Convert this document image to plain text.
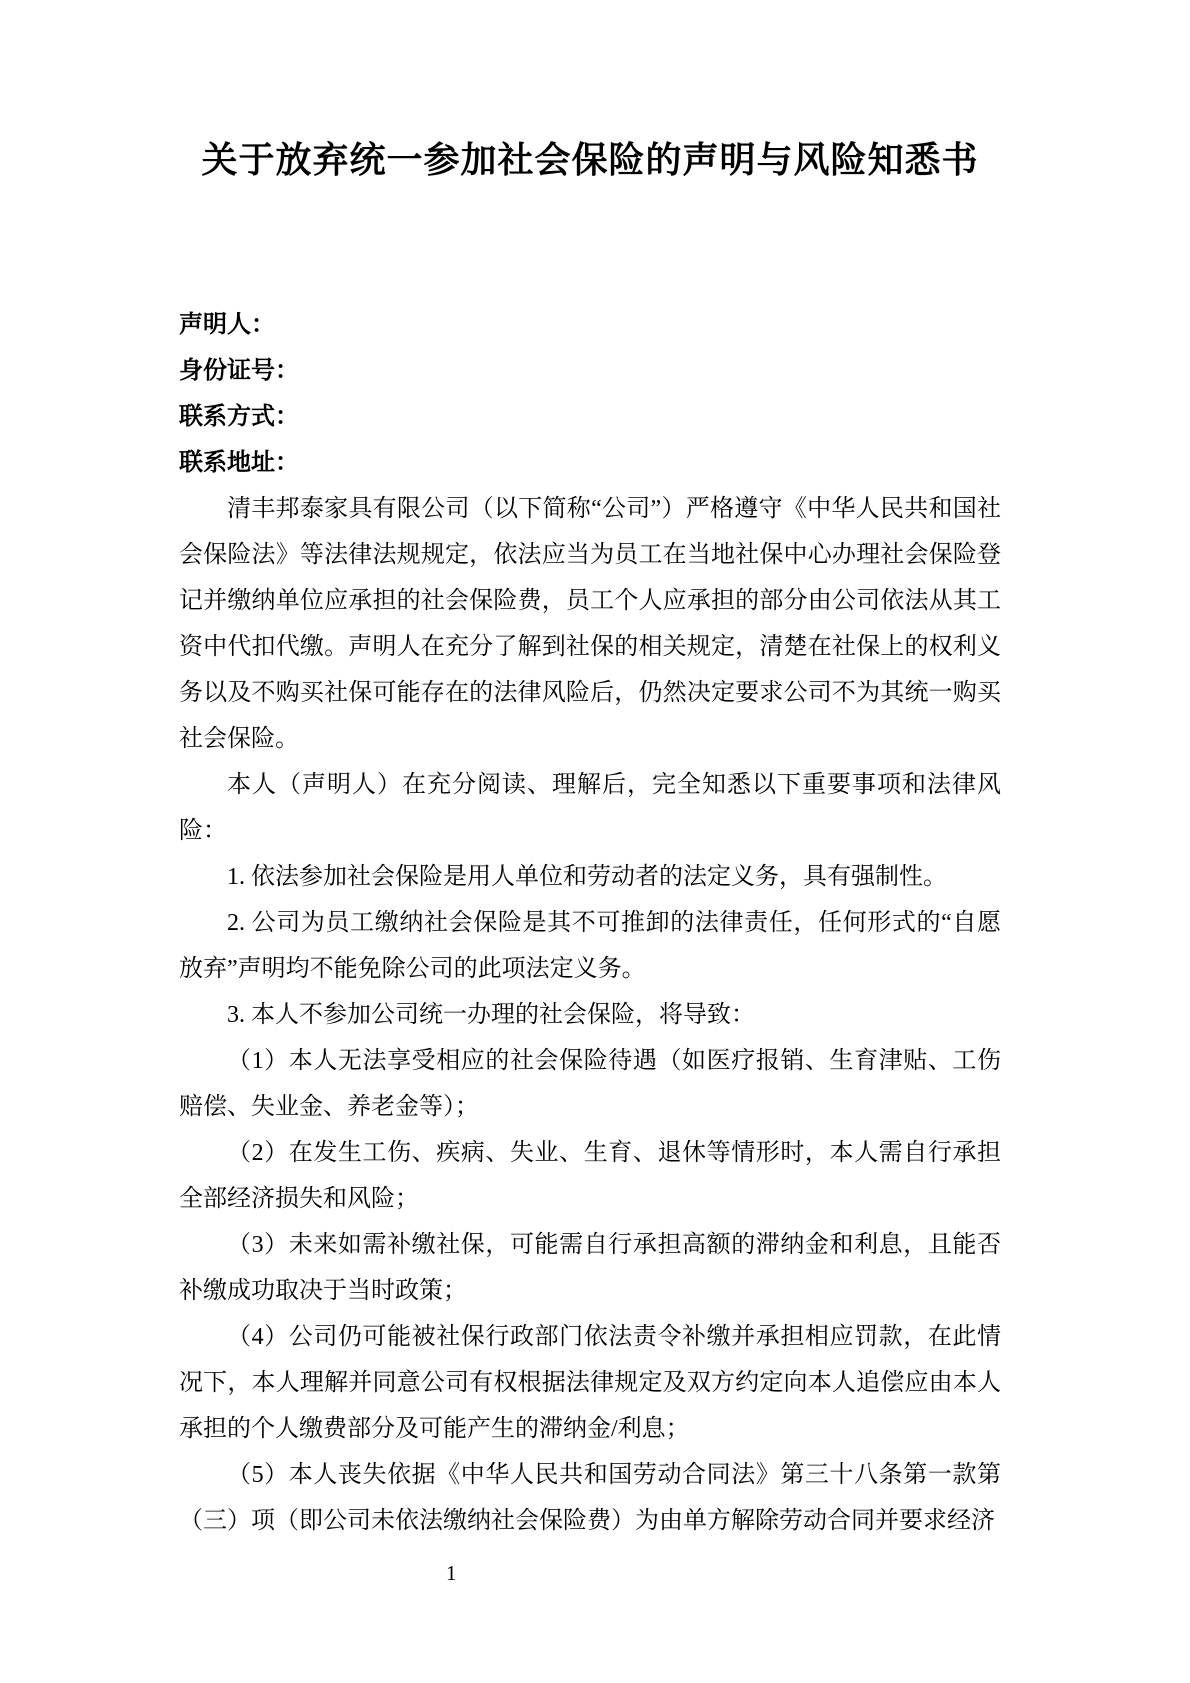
关于放弃统一参加社会保险的声明与风险知悉书
声明人：
身份证号：
联系方式：
联系地址：

清丰邦泰家具有限公司（以下简称“公司”）严格遵守《中华人民共和国社会保险法》等法律法规规定，依法应当为员工在当地社保中心办理社会保险登记并缴纳单位应承担的社会保险费，员工个人应承担的部分由公司依法从其工资中代扣代缴。声明人在充分了解到社保的相关规定，清楚在社保上的权利义务以及不购买社保可能存在的法律风险后，仍然决定要求公司不为其统一购买社会保险。

本人（声明人）在充分阅读、理解后，完全知悉以下重要事项和法律风险：

1. 依法参加社会保险是用人单位和劳动者的法定义务，具有强制性。

2. 公司为员工缴纳社会保险是其不可推卸的法律责任，任何形式的“自愿放弃”声明均不能免除公司的此项法定义务。

3. 本人不参加公司统一办理的社会保险，将导致：

（1）本人无法享受相应的社会保险待遇（如医疗报销、生育津贴、工伤赔偿、失业金、养老金等）；

（2）在发生工伤、疾病、失业、生育、退休等情形时，本人需自行承担全部经济损失和风险；

（3）未来如需补缴社保，可能需自行承担高额的滞纳金和利息，且能否补缴成功取决于当时政策；

（4）公司仍可能被社保行政部门依法责令补缴并承担相应罚款，在此情况下，本人理解并同意公司有权根据法律规定及双方约定向本人追偿应由本人承担的个人缴费部分及可能产生的滞纳金/利息；

（5）本人丧失依据《中华人民共和国劳动合同法》第三十八条第一款第（三）项（即公司未依法缴纳社会保险费）为由单方解除劳动合同并要求经济

1
